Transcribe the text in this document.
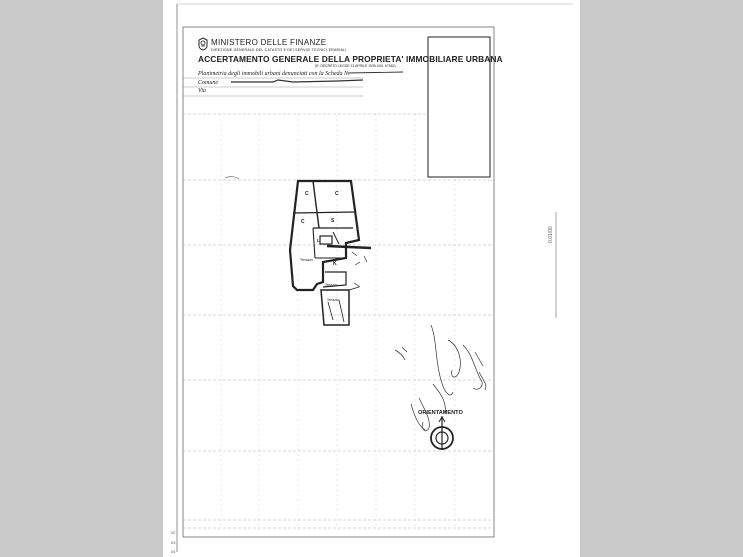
MINISTERO DELLE FINANZE
DIREZIONE GENERALE DEL CATASTO E DEI SERVIZI TECNICI ERARIALI
ACCERTAMENTO GENERALE DELLA PROPRIETA' IMMOBILIARE URBANA
(R. DECRETO LEGGE 13 APRILE 1939-XVII, N°652)
Planimetria degli immobili urbani denunciati con la Scheda N.
Comune
Via
C	C
C	S
L
K
Terrazzo
Terrazzo
Terrazzo
ORIENTAMENTO
0.01/00
02
03
04
